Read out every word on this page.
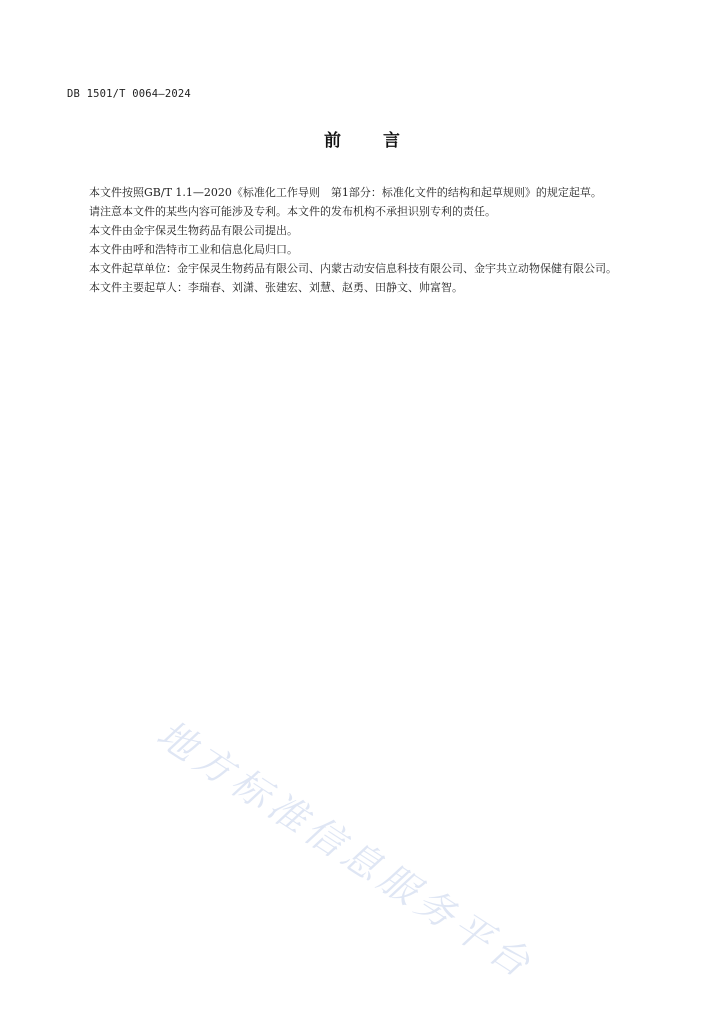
DB 1501/T 0064—2024
前言

本文件按照GB/T 1.1—2020《标准化工作导则　第1部分：标准化文件的结构和起草规则》的规定起草。

请注意本文件的某些内容可能涉及专利。本文件的发布机构不承担识别专利的责任。

本文件由金宇保灵生物药品有限公司提出。

本文件由呼和浩特市工业和信息化局归口。

本文件起草单位：金宇保灵生物药品有限公司、内蒙古动安信息科技有限公司、金宇共立动物保健有限公司。

本文件主要起草人：李瑞春、刘潇、张建宏、刘慧、赵勇、田静文、帅富智。

地方标准信息服务平台
